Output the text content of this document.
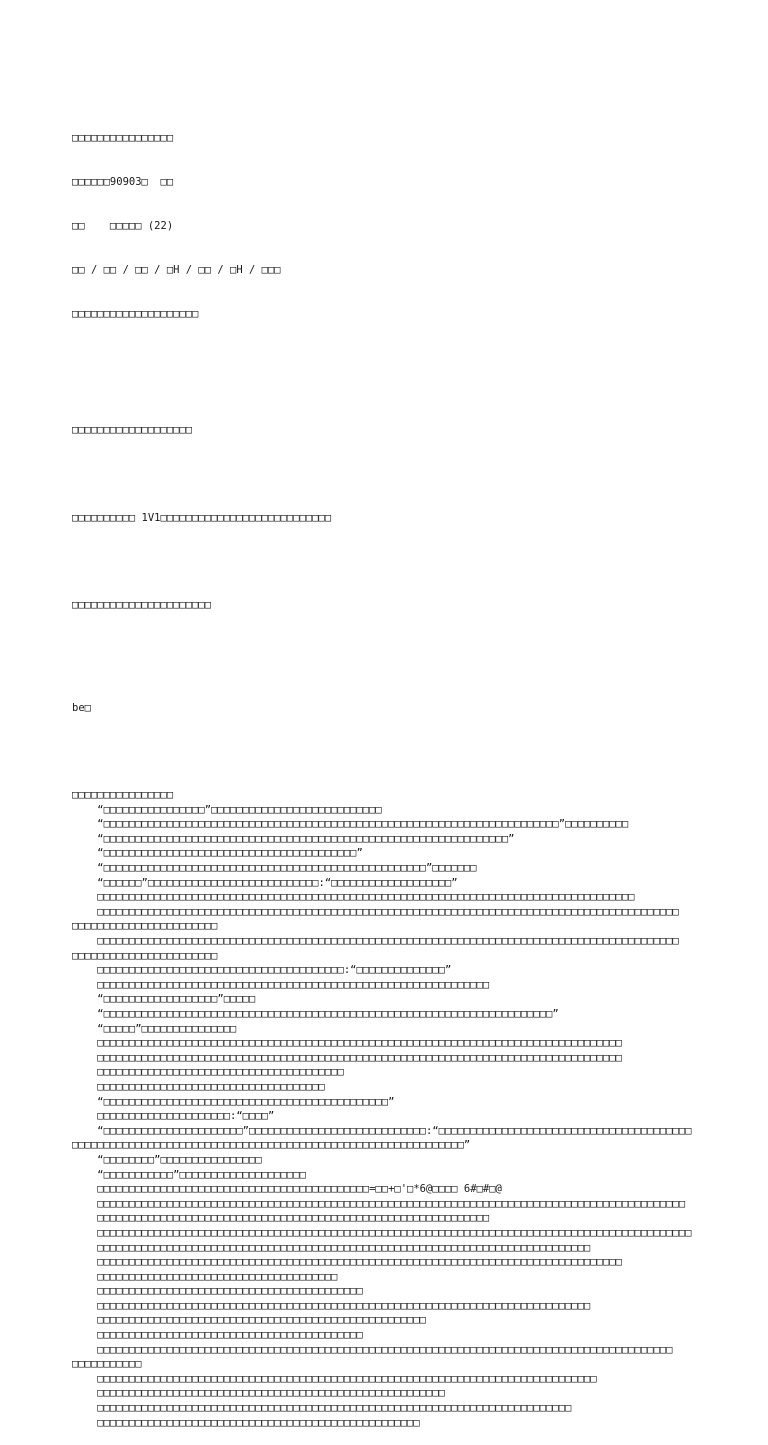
□□□□□□□□□□□□□□□□

□□□□□□90903□  □□

□□    □□□□□ (22)

□□ / □□ / □□ / □H / □□ / □H / □□□

□□□□□□□□□□□□□□□□□□□□

□□□□□□□□□□□□□□□□□□□

□□□□□□□□□□ 1V1□□□□□□□□□□□□□□□□□□□□□□□□□□□

□□□□□□□□□□□□□□□□□□□□□□

be□

□□□□□□□□□□□□□□□□
“□□□□□□□□□□□□□□□□”□□□□□□□□□□□□□□□□□□□□□□□□□□□
“□□□□□□□□□□□□□□□□□□□□□□□□□□□□□□□□□□□□□□□□□□□□□□□□□□□□□□□□□□□□□□□□□□□□□□□□”□□□□□□□□□□
“□□□□□□□□□□□□□□□□□□□□□□□□□□□□□□□□□□□□□□□□□□□□□□□□□□□□□□□□□□□□□□□□”
“□□□□□□□□□□□□□□□□□□□□□□□□□□□□□□□□□□□□□□□□”
“□□□□□□□□□□□□□□□□□□□□□□□□□□□□□□□□□□□□□□□□□□□□□□□□□□□”□□□□□□□
“□□□□□□”□□□□□□□□□□□□□□□□□□□□□□□□□□□:“□□□□□□□□□□□□□□□□□□□”
□□□□□□□□□□□□□□□□□□□□□□□□□□□□□□□□□□□□□□□□□□□□□□□□□□□□□□□□□□□□□□□□□□□□□□□□□□□□□□□□□□□□□
□□□□□□□□□□□□□□□□□□□□□□□□□□□□□□□□□□□□□□□□□□□□□□□□□□□□□□□□□□□□□□□□□□□□□□□□□□□□□□□□□□□□□□□□□□□□
□□□□□□□□□□□□□□□□□□□□□□□
□□□□□□□□□□□□□□□□□□□□□□□□□□□□□□□□□□□□□□□□□□□□□□□□□□□□□□□□□□□□□□□□□□□□□□□□□□□□□□□□□□□□□□□□□□□□
□□□□□□□□□□□□□□□□□□□□□□□
□□□□□□□□□□□□□□□□□□□□□□□□□□□□□□□□□□□□□□□:“□□□□□□□□□□□□□□”
□□□□□□□□□□□□□□□□□□□□□□□□□□□□□□□□□□□□□□□□□□□□□□□□□□□□□□□□□□□□□□
“□□□□□□□□□□□□□□□□□□”□□□□□
“□□□□□□□□□□□□□□□□□□□□□□□□□□□□□□□□□□□□□□□□□□□□□□□□□□□□□□□□□□□□□□□□□□□□□□□”
“□□□□□”□□□□□□□□□□□□□□□
□□□□□□□□□□□□□□□□□□□□□□□□□□□□□□□□□□□□□□□□□□□□□□□□□□□□□□□□□□□□□□□□□□□□□□□□□□□□□□□□□□□
□□□□□□□□□□□□□□□□□□□□□□□□□□□□□□□□□□□□□□□□□□□□□□□□□□□□□□□□□□□□□□□□□□□□□□□□□□□□□□□□□□□
□□□□□□□□□□□□□□□□□□□□□□□□□□□□□□□□□□□□□□□
□□□□□□□□□□□□□□□□□□□□□□□□□□□□□□□□□□□□
“□□□□□□□□□□□□□□□□□□□□□□□□□□□□□□□□□□□□□□□□□□□□□”
□□□□□□□□□□□□□□□□□□□□□:“□□□□”
“□□□□□□□□□□□□□□□□□□□□□□”□□□□□□□□□□□□□□□□□□□□□□□□□□□□:“□□□□□□□□□□□□□□□□□□□□□□□□□□□□□□□□□□□□□□□□
□□□□□□□□□□□□□□□□□□□□□□□□□□□□□□□□□□□□□□□□□□□□□□□□□□□□□□□□□□□□□□”
“□□□□□□□□”□□□□□□□□□□□□□□□□
“□□□□□□□□□□□”□□□□□□□□□□□□□□□□□□□□
□□□□□□□□□□□□□□□□□□□□□□□□□□□□□□□□□□□□□□□□□□□=□□+□'□*6@□□□□ 6#□#□@
□□□□□□□□□□□□□□□□□□□□□□□□□□□□□□□□□□□□□□□□□□□□□□□□□□□□□□□□□□□□□□□□□□□□□□□□□□□□□□□□□□□□□□□□□□□□□
□□□□□□□□□□□□□□□□□□□□□□□□□□□□□□□□□□□□□□□□□□□□□□□□□□□□□□□□□□□□□□
□□□□□□□□□□□□□□□□□□□□□□□□□□□□□□□□□□□□□□□□□□□□□□□□□□□□□□□□□□□□□□□□□□□□□□□□□□□□□□□□□□□□□□□□□□□□□□
□□□□□□□□□□□□□□□□□□□□□□□□□□□□□□□□□□□□□□□□□□□□□□□□□□□□□□□□□□□□□□□□□□□□□□□□□□□□□□
□□□□□□□□□□□□□□□□□□□□□□□□□□□□□□□□□□□□□□□□□□□□□□□□□□□□□□□□□□□□□□□□□□□□□□□□□□□□□□□□□□□
□□□□□□□□□□□□□□□□□□□□□□□□□□□□□□□□□□□□□□
□□□□□□□□□□□□□□□□□□□□□□□□□□□□□□□□□□□□□□□□□□
□□□□□□□□□□□□□□□□□□□□□□□□□□□□□□□□□□□□□□□□□□□□□□□□□□□□□□□□□□□□□□□□□□□□□□□□□□□□□□
□□□□□□□□□□□□□□□□□□□□□□□□□□□□□□□□□□□□□□□□□□□□□□□□□□□□
□□□□□□□□□□□□□□□□□□□□□□□□□□□□□□□□□□□□□□□□□□
□□□□□□□□□□□□□□□□□□□□□□□□□□□□□□□□□□□□□□□□□□□□□□□□□□□□□□□□□□□□□□□□□□□□□□□□□□□□□□□□□□□□□□□□□□□
□□□□□□□□□□□
□□□□□□□□□□□□□□□□□□□□□□□□□□□□□□□□□□□□□□□□□□□□□□□□□□□□□□□□□□□□□□□□□□□□□□□□□□□□□□□
□□□□□□□□□□□□□□□□□□□□□□□□□□□□□□□□□□□□□□□□□□□□□□□□□□□□□□□
□□□□□□□□□□□□□□□□□□□□□□□□□□□□□□□□□□□□□□□□□□□□□□□□□□□□□□□□□□□□□□□□□□□□□□□□□□□
□□□□□□□□□□□□□□□□□□□□□□□□□□□□□□□□□□□□□□□□□□□□□□□□□□□
